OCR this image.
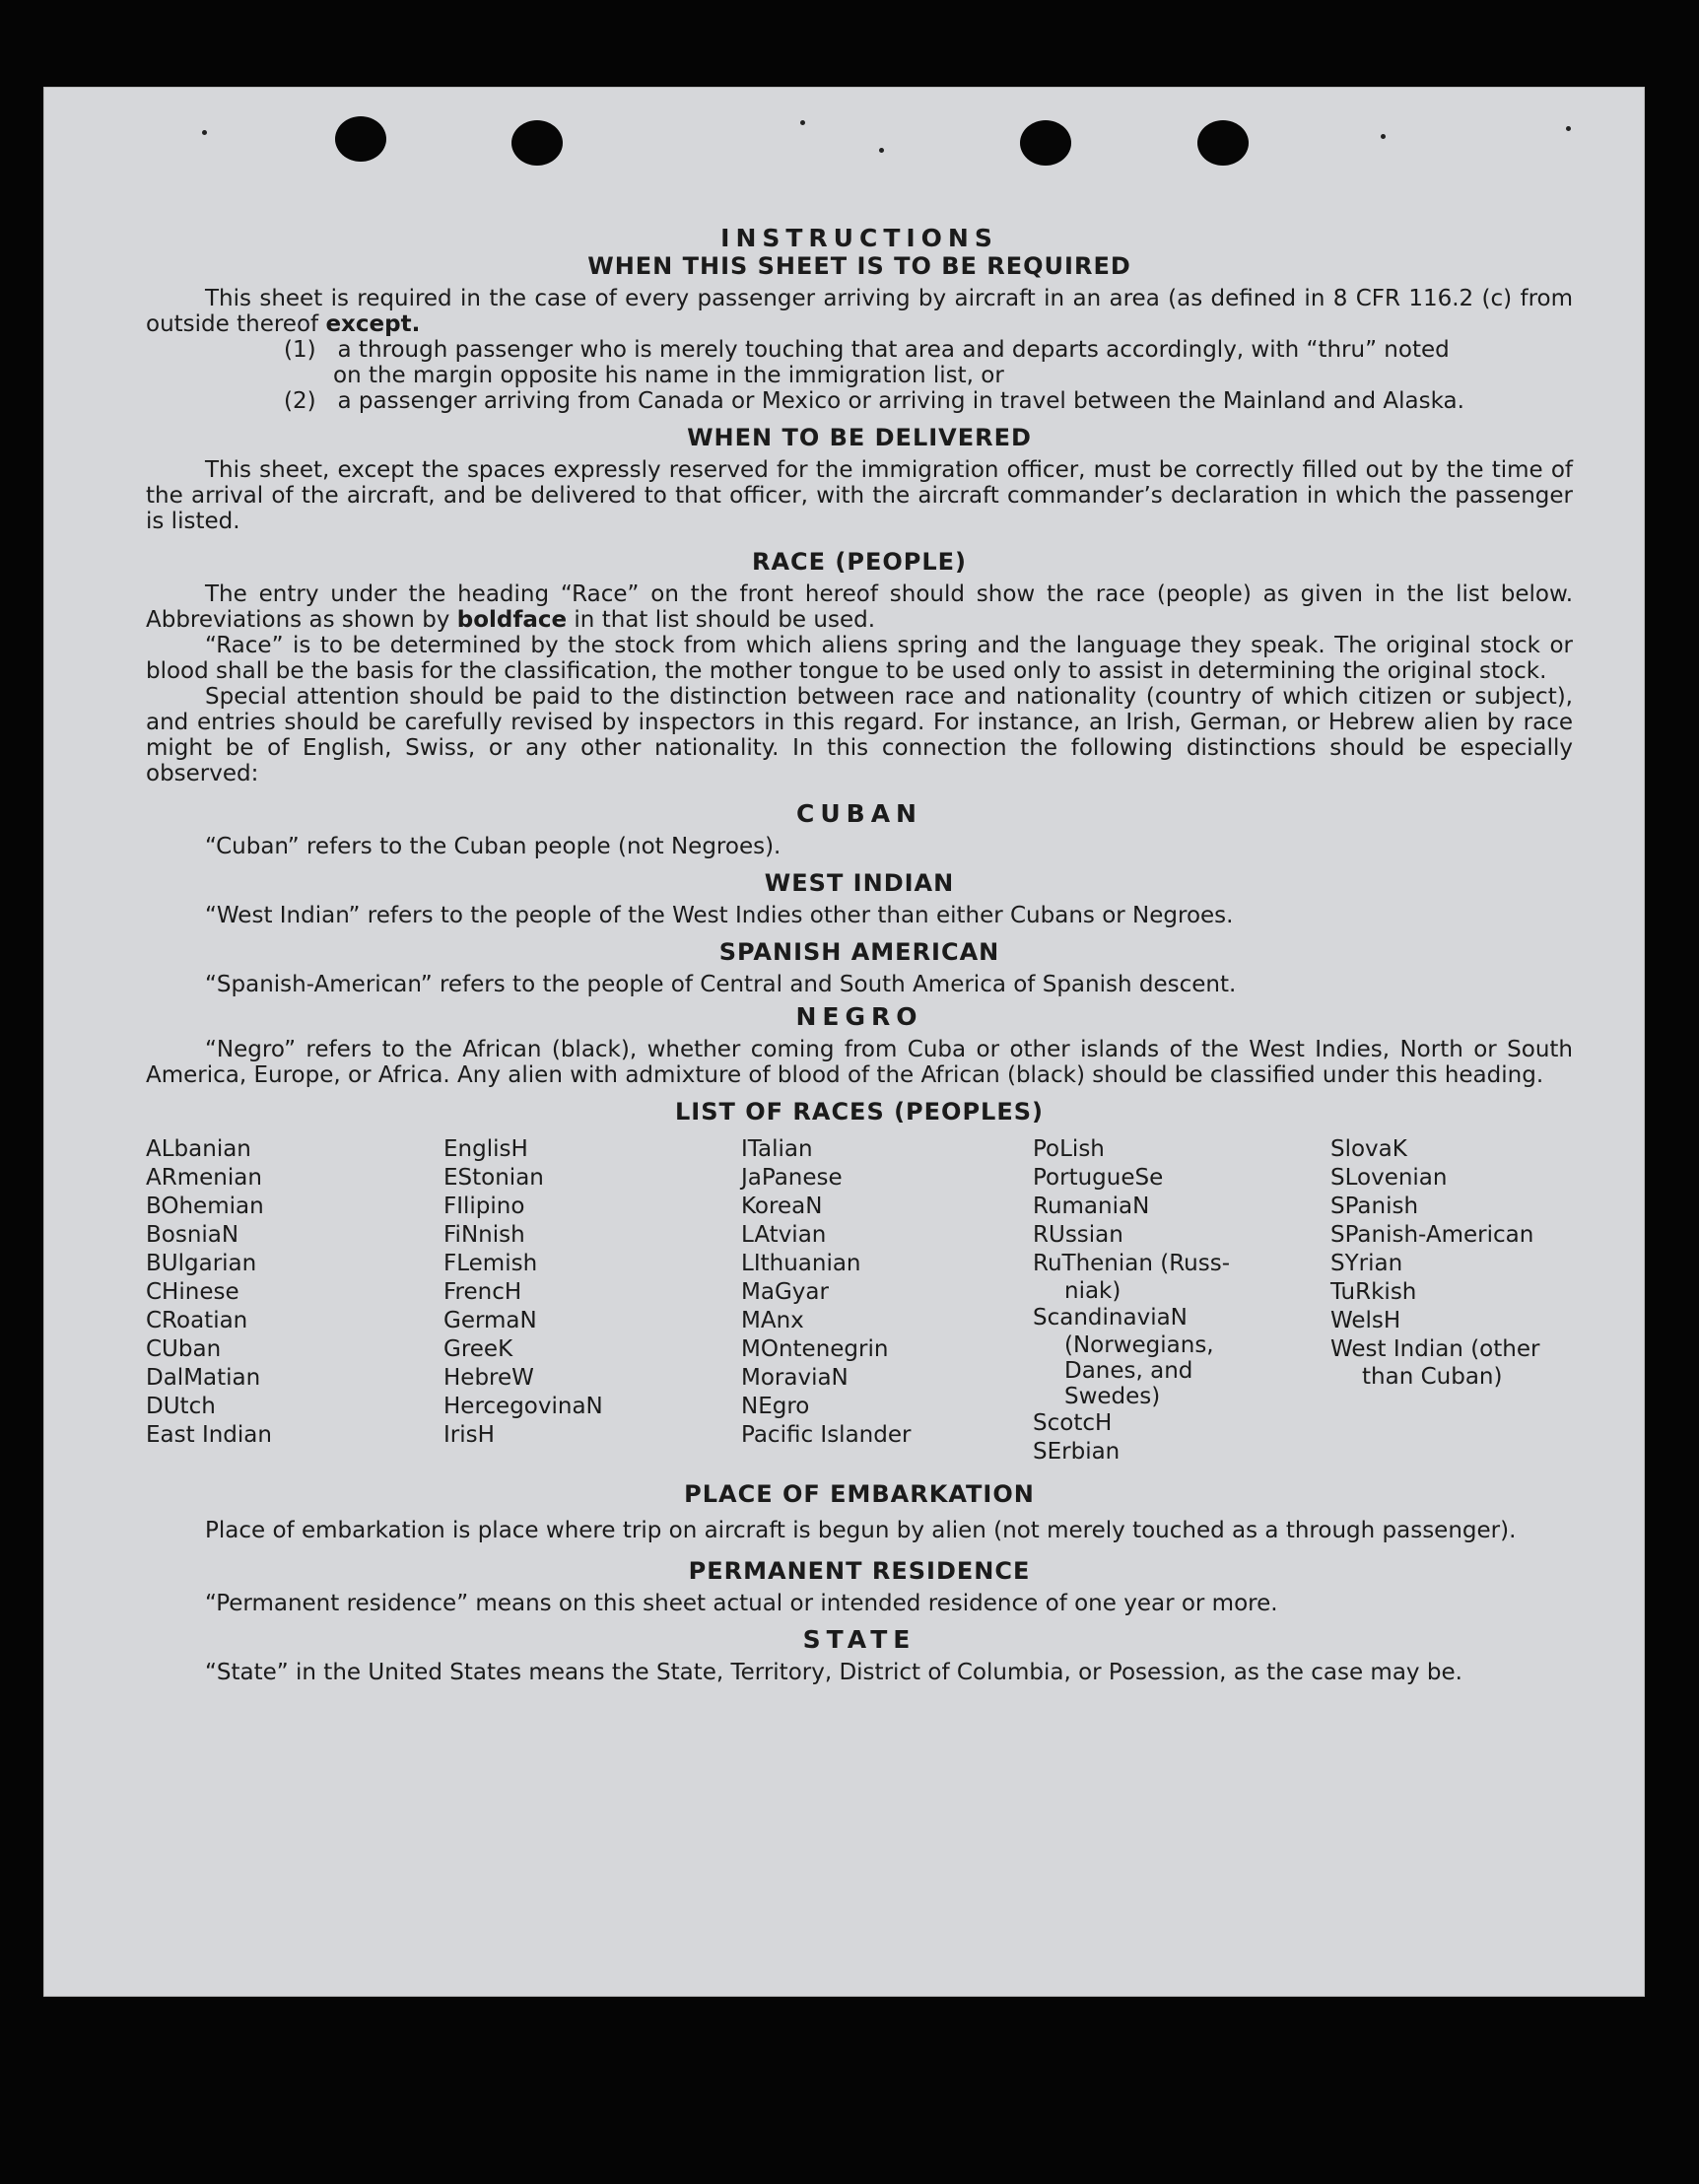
INSTRUCTIONS
WHEN THIS SHEET IS TO BE REQUIRED

This sheet is required in the case of every passenger arriving by aircraft in an area (as defined in 8 CFR 116.2 (c) from outside thereof except.

(1) a through passenger who is merely touching that area and departs accordingly, with “thru” noted

on the margin opposite his name in the immigration list, or

(2) a passenger arriving from Canada or Mexico or arriving in travel between the Mainland and Alaska.

WHEN TO BE DELIVERED

This sheet, except the spaces expressly reserved for the immigration officer, must be correctly filled out by the time of the arrival of the aircraft, and be delivered to that officer, with the aircraft commander’s declaration in which the passenger is listed.

RACE (PEOPLE)

The entry under the heading “Race” on the front hereof should show the race (people) as given in the list below. Abbreviations as shown by boldface in that list should be used.

“Race” is to be determined by the stock from which aliens spring and the language they speak. The original stock or blood shall be the basis for the classification, the mother tongue to be used only to assist in determining the original stock.

Special attention should be paid to the distinction between race and nationality (country of which citizen or subject), and entries should be carefully revised by inspectors in this regard. For instance, an Irish, German, or Hebrew alien by race might be of English, Swiss, or any other nationality. In this connection the following distinctions should be especially observed:

CUBAN

“Cuban” refers to the Cuban people (not Negroes).

WEST INDIAN

“West Indian” refers to the people of the West Indies other than either Cubans or Negroes.

SPANISH AMERICAN

“Spanish-American” refers to the people of Central and South America of Spanish descent.

NEGRO

“Negro” refers to the African (black), whether coming from Cuba or other islands of the West Indies, North or South America, Europe, or Africa. Any alien with admixture of blood of the African (black) should be classified under this heading.

LIST OF RACES (PEOPLES)
ALbanian
ARmenian
BOhemian
BosniaN
BUlgarian
CHinese
CRoatian
CUban
DalMatian
DUtch
East Indian
EnglisH
EStonian
FIlipino
FiNnish
FLemish
FrencH
GermaN
GreeK
HebreW
HercegovinaN
IrisH
ITalian
JaPanese
KoreaN
LAtvian
LIthuanian
MaGyar
MAnx
MOntenegrin
MoraviaN
NEgro
Pacific Islander
PoLish
PortugueSe
RumaniaN
RUssian
RuThenian (Russ-
niak)
ScandinaviaN
(Norwegians,
Danes, and
Swedes)
ScotcH
SErbian
SlovaK
SLovenian
SPanish
SPanish-American
SYrian
TuRkish
WelsH
West Indian (other
than Cuban)
PLACE OF EMBARKATION

Place of embarkation is place where trip on aircraft is begun by alien (not merely touched as a through passenger).

PERMANENT RESIDENCE

“Permanent residence” means on this sheet actual or intended residence of one year or more.

STATE

“State” in the United States means the State, Territory, District of Columbia, or Posession, as the case may be.
